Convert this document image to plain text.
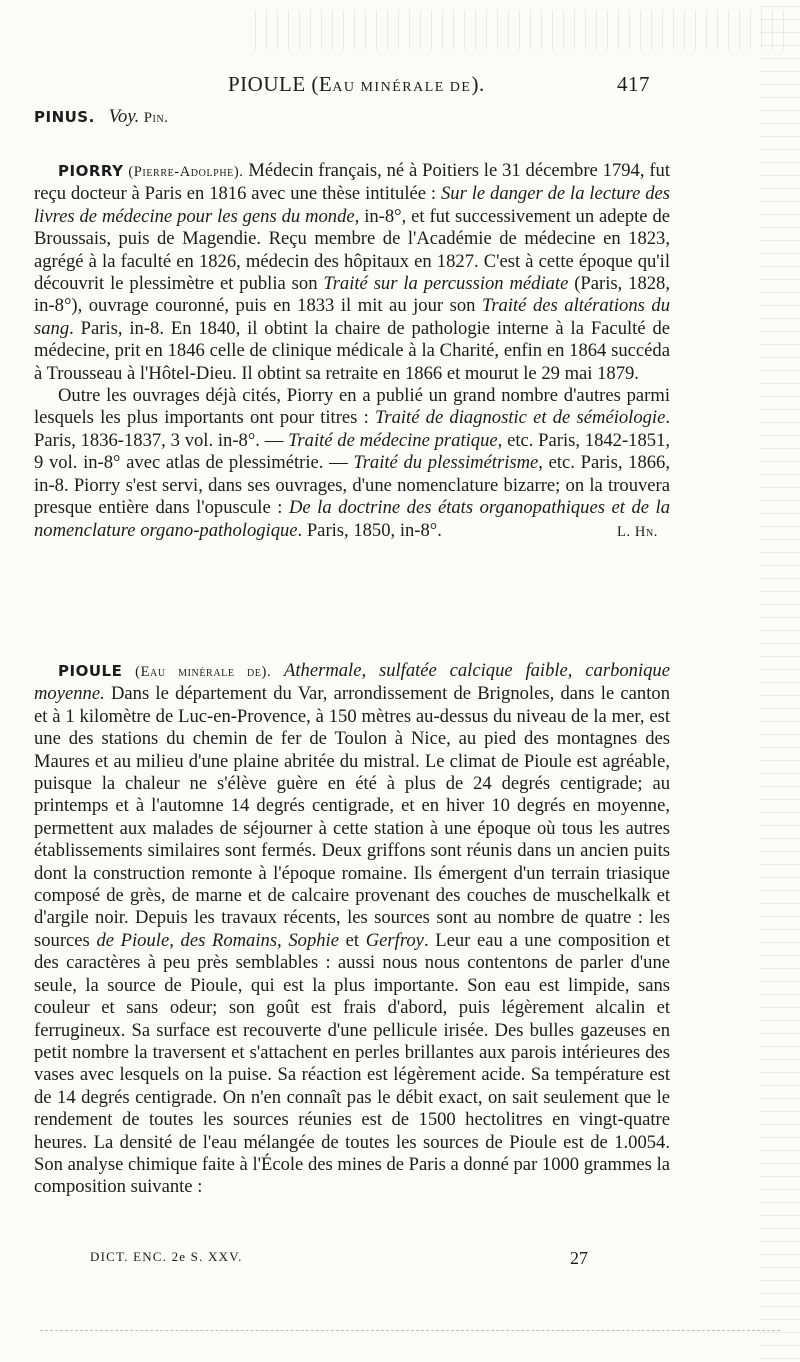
PIOULE (EAU MINÉRALE DE).	417

PINUS. Voy. Pin.

PIORRY (Pierre-Adolphe). Médecin français, né à Poitiers le 31 décembre 1794, fut reçu docteur à Paris en 1816 avec une thèse intitulée : Sur le danger de la lecture des livres de médecine pour les gens du monde, in-8°, et fut successivement un adepte de Broussais, puis de Magendie. Reçu membre de l'Académie de médecine en 1823, agrégé à la faculté en 1826, médecin des hôpitaux en 1827. C'est à cette époque qu'il découvrit le plessimètre et publia son Traité sur la percussion médiate (Paris, 1828, in-8°), ouvrage couronné, puis en 1833 il mit au jour son Traité des altérations du sang. Paris, in-8. En 1840, il obtint la chaire de pathologie interne à la Faculté de médecine, prit en 1846 celle de clinique médicale à la Charité, enfin en 1864 succéda à Trousseau à l'Hôtel-Dieu. Il obtint sa retraite en 1866 et mourut le 29 mai 1879.

Outre les ouvrages déjà cités, Piorry en a publié un grand nombre d'autres parmi lesquels les plus importants ont pour titres : Traité de diagnostic et de séméiologie. Paris, 1836-1837, 3 vol. in-8°. — Traité de médecine pratique, etc. Paris, 1842-1851, 9 vol. in-8° avec atlas de plessimétrie. — Traité du plessimétrisme, etc. Paris, 1866, in-8. Piorry s'est servi, dans ses ouvrages, d'une nomenclature bizarre; on la trouvera presque entière dans l'opuscule : De la doctrine des états organopathiques et de la nomenclature organo-pathologique. Paris, 1850, in-8°.	L. Hn.

PIOULE (Eau minérale de). Athermale, sulfatée calcique faible, carbonique moyenne. Dans le département du Var, arrondissement de Brignoles, dans le canton et à 1 kilomètre de Luc-en-Provence, à 150 mètres au-dessus du niveau de la mer, est une des stations du chemin de fer de Toulon à Nice, au pied des montagnes des Maures et au milieu d'une plaine abritée du mistral. Le climat de Pioule est agréable, puisque la chaleur ne s'élève guère en été à plus de 24 degrés centigrade; au printemps et à l'automne 14 degrés centigrade, et en hiver 10 degrés en moyenne, permettent aux malades de séjourner à cette station à une époque où tous les autres établissements similaires sont fermés. Deux griffons sont réunis dans un ancien puits dont la construction remonte à l'époque romaine. Ils émergent d'un terrain triasique composé de grès, de marne et de calcaire provenant des couches de muschelkalk et d'argile noir. Depuis les travaux récents, les sources sont au nombre de quatre : les sources de Pioule, des Romains, Sophie et Gerfroy. Leur eau a une composition et des caractères à peu près semblables : aussi nous nous contentons de parler d'une seule, la source de Pioule, qui est la plus importante. Son eau est limpide, sans couleur et sans odeur; son goût est frais d'abord, puis légèrement alcalin et ferrugineux. Sa surface est recouverte d'une pellicule irisée. Des bulles gazeuses en petit nombre la traversent et s'attachent en perles brillantes aux parois intérieures des vases avec lesquels on la puise. Sa réaction est légèrement acide. Sa température est de 14 degrés centigrade. On n'en connaît pas le débit exact, on sait seulement que le rendement de toutes les sources réunies est de 1500 hectolitres en vingt-quatre heures. La densité de l'eau mélangée de toutes les sources de Pioule est de 1.0054. Son analyse chimique faite à l'École des mines de Paris a donné par 1000 grammes la composition suivante :

DICT. ENC. 2e S. XXV.	27
